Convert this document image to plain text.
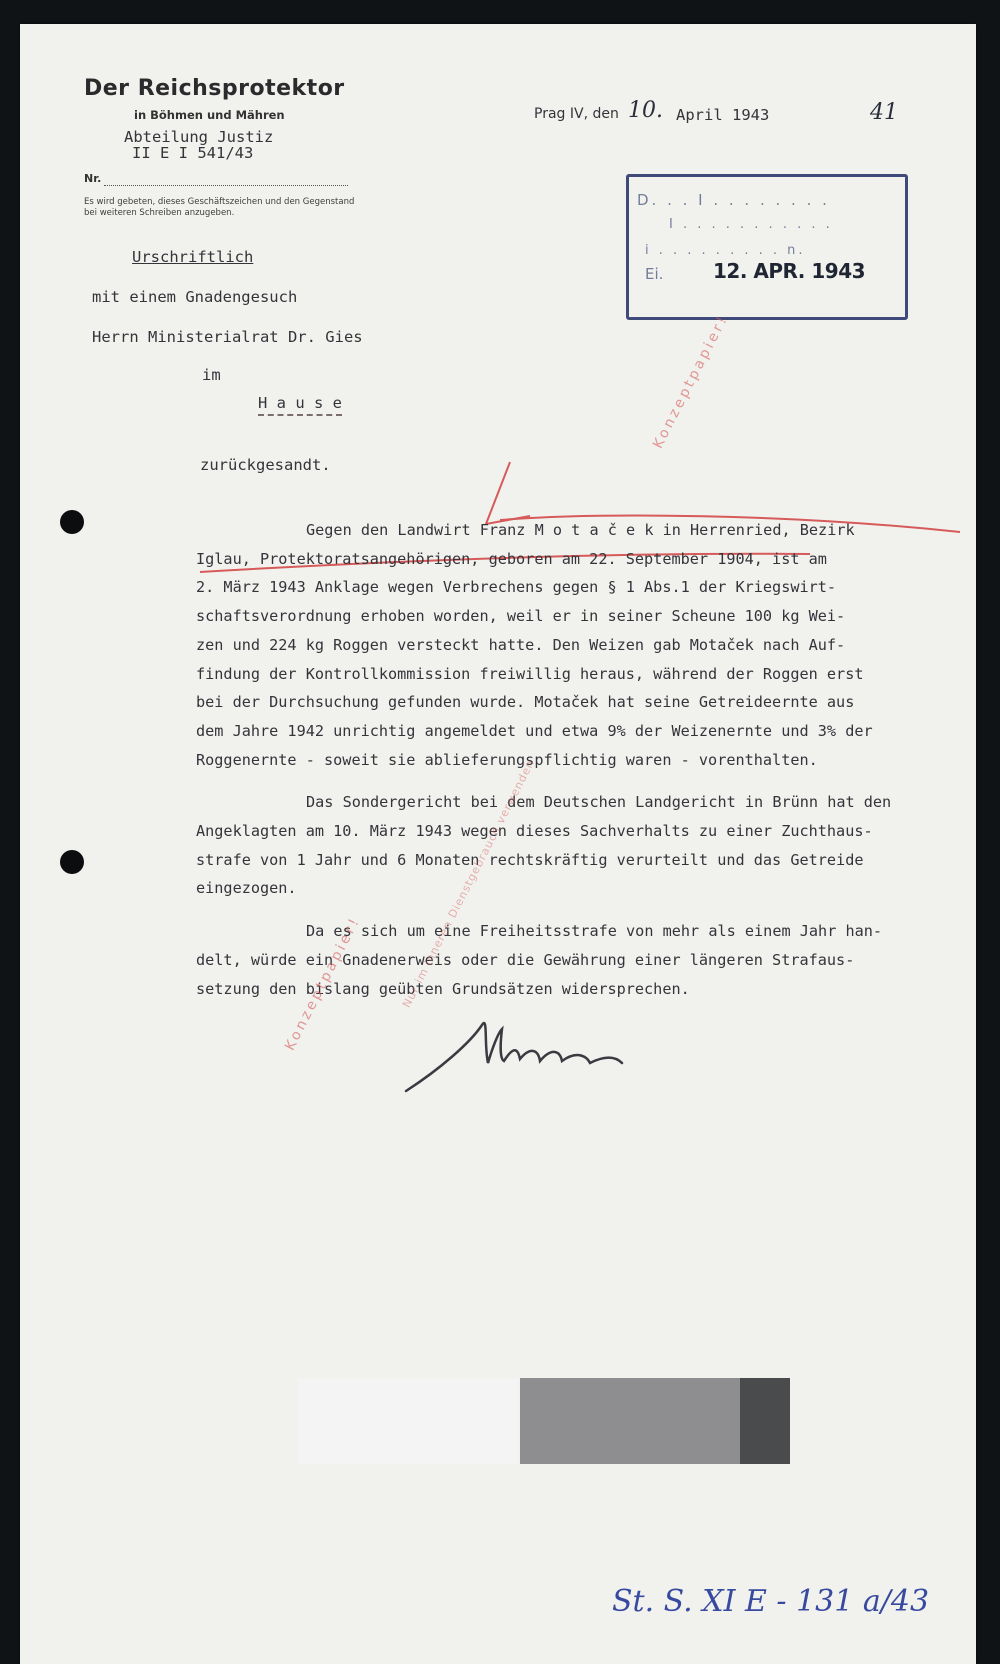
Der Reichsprotektor
in Böhmen und Mähren
Abteilung Justiz
Nr.
II E I 541/43
Es wird gebeten, dieses Geschäftszeichen und den Gegenstand bei weiteren Schreiben anzugeben.
Prag IV, den 10. April 1943	41
D. . . I . . . . . . . .
I . . . . . . . . . . .
i . . . . . . . . . n.
Ei. 12. APR. 1943
Urschriftlich
mit einem Gnadengesuch
Herrn Ministerialrat Dr. Gies
im
H a u s e
zurückgesandt.

Gegen den Landwirt Franz M o t a č e k in Herrenried, Bezirk

Iglau, Protektoratsangehörigen, geboren am 22. September 1904, ist am

2. März 1943 Anklage wegen Verbrechens gegen § 1 Abs.1 der Kriegswirt-

schaftsverordnung erhoben worden, weil er in seiner Scheune 100 kg Wei-

zen und 224 kg Roggen versteckt hatte. Den Weizen gab Motaček nach Auf-

findung der Kontrollkommission freiwillig heraus, während der Roggen erst

bei der Durchsuchung gefunden wurde. Motaček hat seine Getreideernte aus

dem Jahre 1942 unrichtig angemeldet und etwa 9% der Weizenernte und 3% der

Roggenernte - soweit sie ablieferungspflichtig waren - vorenthalten.

Das Sondergericht bei dem Deutschen Landgericht in Brünn hat den

Angeklagten am 10. März 1943 wegen dieses Sachverhalts zu einer Zuchthaus-

strafe von 1 Jahr und 6 Monaten rechtskräftig verurteilt und das Getreide

eingezogen.

Da es sich um eine Freiheitsstrafe von mehr als einem Jahr han-

delt, würde ein Gnadenerweis oder die Gewährung einer längeren Strafaus-

setzung den bislang geübten Grundsätzen widersprechen.

Konzeptpapier!
Konzeptpapier!
Nur im inneren Dienstgebrauch verwenden
St. S. XI E - 131 a/43
